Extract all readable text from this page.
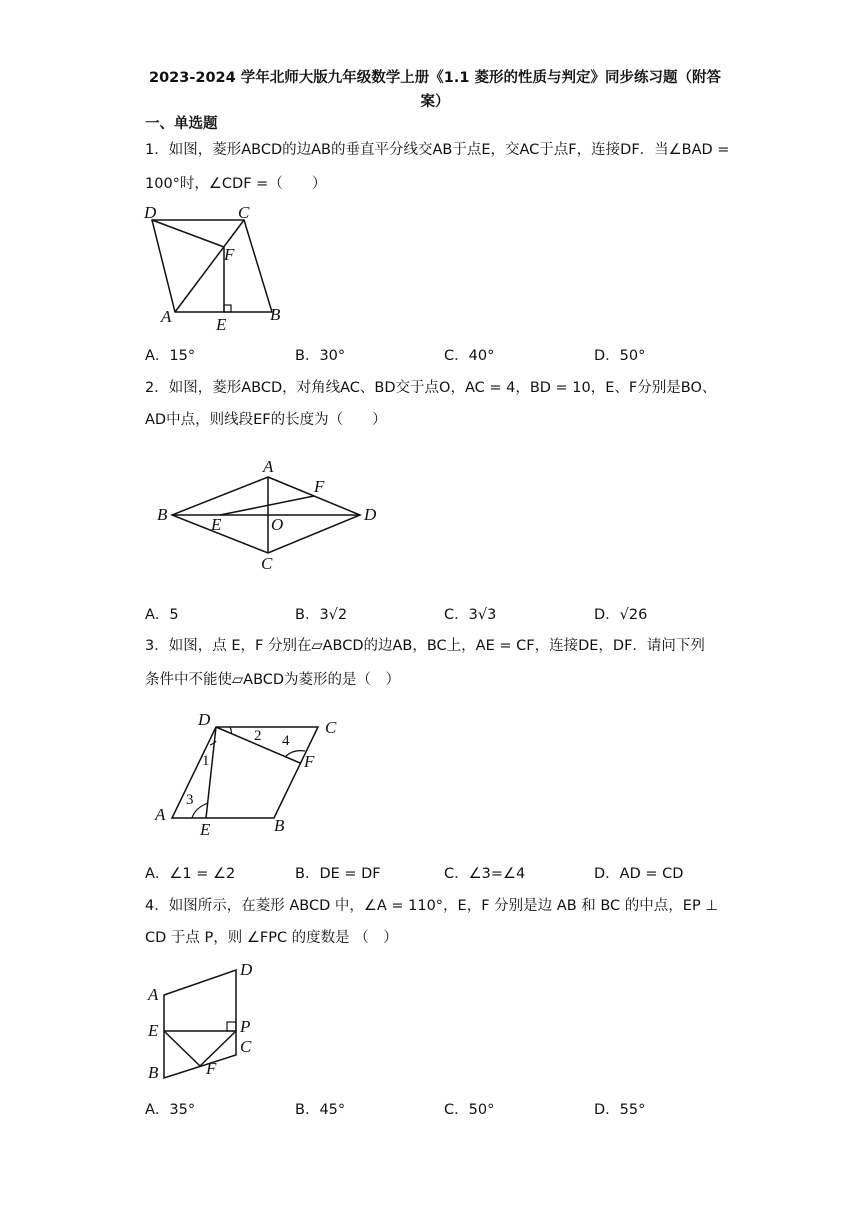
2023-2024 学年北师大版九年级数学上册《1.1 菱形的性质与判定》同步练习题（附答
案）
一、单选题
1．如图，菱形ABCD的边AB的垂直平分线交AB于点E，交AC于点F，连接DF．当∠BAD =
100°时，∠CDF =（　　）
D	C
F
A	E
B
A．15°	B．30°	C．40°	D．50°
2．如图，菱形ABCD，对角线AC、BD交于点O，AC = 4，BD = 10，E、F分别是BO、
AD中点，则线段EF的长度为（　　）
A
F
B
E	O
D
C
A．5	B．3√2	C．3√3	D．√26
3．如图，点 E，F 分别在▱ABCD的边AB，BC上，AE = CF，连接DE，DF．请问下列
条件中不能使▱ABCD为菱形的是（　）
D	C
2 4
1	F
3
A
E	B
A．∠1 = ∠2	B．DE = DF	C．∠3=∠4	D．AD = CD
4．如图所示，在菱形 ABCD 中，∠A = 110°，E，F 分别是边 AB 和 BC 的中点，EP ⊥
CD 于点 P，则 ∠FPC 的度数是 （　）
D
A
E	P
C
B	F
A．35°	B．45°	C．50°	D．55°
